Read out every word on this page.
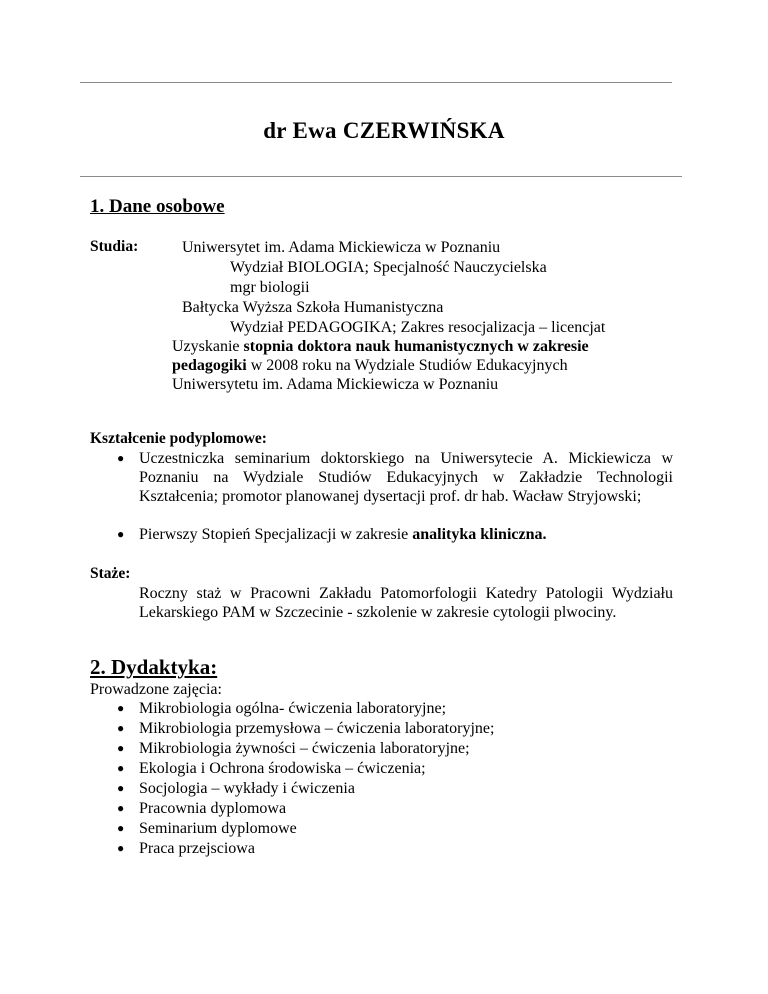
dr Ewa CZERWIŃSKA
1. Dane osobowe
Studia:	Uniwersytet im. Adama Mickiewicza w Poznaniu
Wydział BIOLOGIA; Specjalność Nauczycielska
mgr biologii
Bałtycka Wyższa Szkoła Humanistyczna
Wydział PEDAGOGIKA; Zakres resocjalizacja – licencjat
Uzyskanie stopnia doktora nauk humanistycznych w zakresie
pedagogiki w 2008 roku na Wydziale Studiów Edukacyjnych
Uniwersytetu im. Adama Mickiewicza w Poznaniu
Kształcenie podyplomowe:
● Uczestniczka seminarium doktorskiego na Uniwersytecie A. Mickiewicza w Poznaniu na Wydziale Studiów Edukacyjnych w Zakładzie Technologii Kształcenia; promotor planowanej dysertacji prof. dr hab. Wacław Stryjowski;
● Pierwszy Stopień Specjalizacji w zakresie analityka kliniczna.
Staże:
Roczny staż w Pracowni Zakładu Patomorfologii Katedry Patologii Wydziału Lekarskiego PAM w Szczecinie - szkolenie w zakresie cytologii plwociny.
2. Dydaktyka:
Prowadzone zajęcia:
● Mikrobiologia ogólna- ćwiczenia laboratoryjne;
● Mikrobiologia przemysłowa – ćwiczenia laboratoryjne;
● Mikrobiologia żywności – ćwiczenia laboratoryjne;
● Ekologia i Ochrona środowiska – ćwiczenia;
● Socjologia – wykłady i ćwiczenia
● Pracownia dyplomowa
● Seminarium dyplomowe
● Praca przejsciowa
